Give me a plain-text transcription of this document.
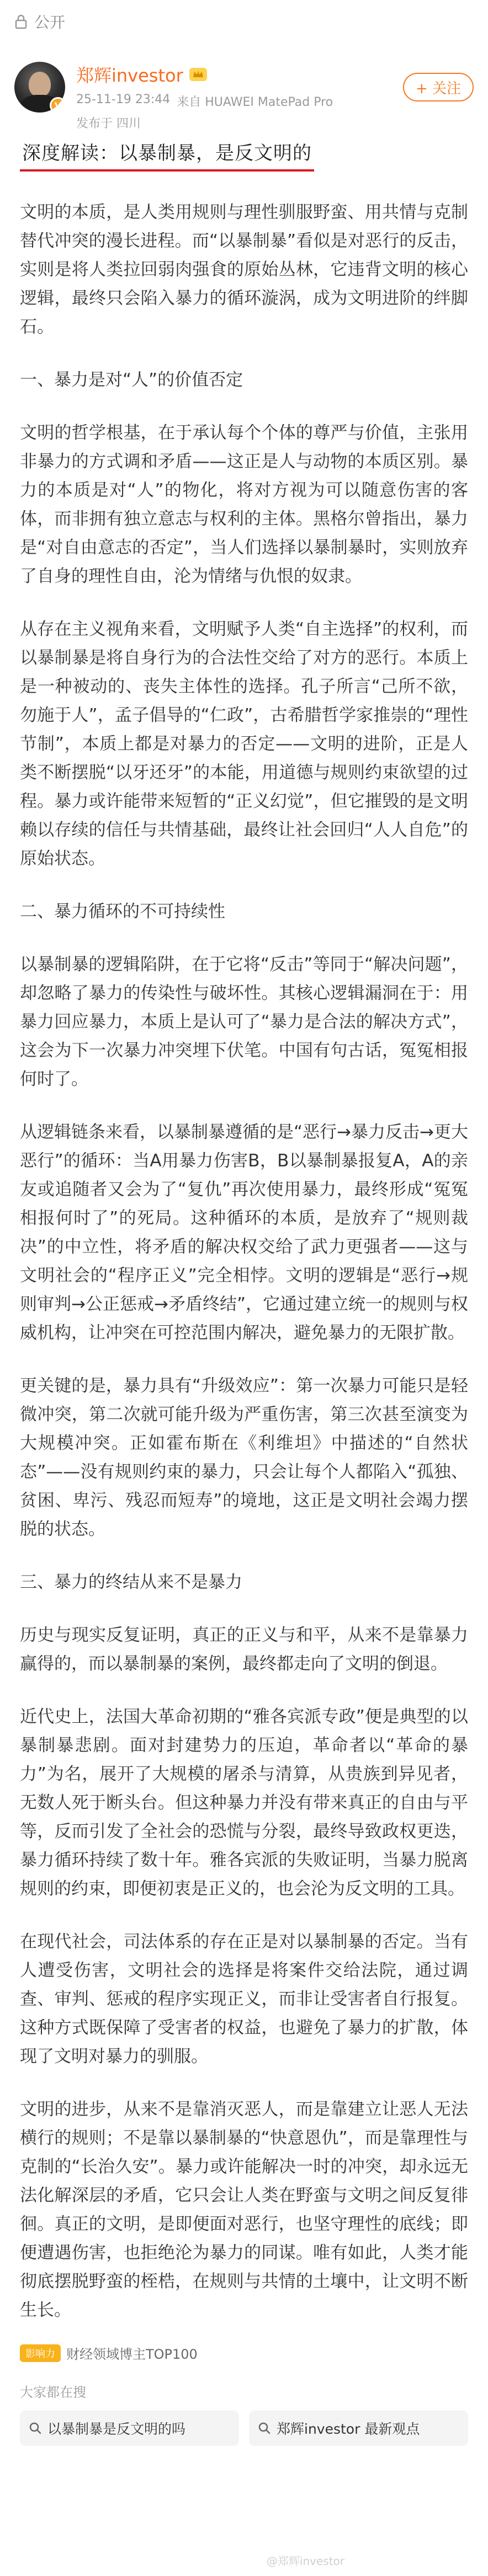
公开
V
郑辉investor
25-11-19 23:44 来自 HUAWEI MatePad Pro
发布于 四川
+ 关注
深度解读：以暴制暴，是反文明的
文明的本质，是人类用规则与理性驯服野蛮、用共情与克制替代冲突的漫长进程。而“以暴制暴”看似是对恶行的反击，实则是将人类拉回弱肉强食的原始丛林，它违背文明的核心逻辑，最终只会陷入暴力的循环漩涡，成为文明进阶的绊脚石。
一、暴力是对“人”的价值否定
文明的哲学根基，在于承认每个个体的尊严与价值，主张用非暴力的方式调和矛盾——这正是人与动物的本质区别。暴力的本质是对“人”的物化，将对方视为可以随意伤害的客体，而非拥有独立意志与权利的主体。黑格尔曾指出，暴力是“对自由意志的否定”，当人们选择以暴制暴时，实则放弃了自身的理性自由，沦为情绪与仇恨的奴隶。
从存在主义视角来看，文明赋予人类“自主选择”的权利，而以暴制暴是将自身行为的合法性交给了对方的恶行。本质上是一种被动的、丧失主体性的选择。孔子所言“己所不欲，勿施于人”，孟子倡导的“仁政”，古希腊哲学家推崇的“理性节制”，本质上都是对暴力的否定——文明的进阶，正是人类不断摆脱“以牙还牙”的本能，用道德与规则约束欲望的过程。暴力或许能带来短暂的“正义幻觉”，但它摧毁的是文明赖以存续的信任与共情基础，最终让社会回归“人人自危”的原始状态。
二、暴力循环的不可持续性
以暴制暴的逻辑陷阱，在于它将“反击”等同于“解决问题”，却忽略了暴力的传染性与破坏性。其核心逻辑漏洞在于：用暴力回应暴力，本质上是认可了“暴力是合法的解决方式”，这会为下一次暴力冲突埋下伏笔。中国有句古话，冤冤相报何时了。
从逻辑链条来看，以暴制暴遵循的是“恶行→暴力反击→更大恶行”的循环：当A用暴力伤害B，B以暴制暴报复A，A的亲友或追随者又会为了“复仇”再次使用暴力，最终形成“冤冤相报何时了”的死局。这种循环的本质，是放弃了“规则裁决”的中立性，将矛盾的解决权交给了武力更强者——这与文明社会的“程序正义”完全相悖。文明的逻辑是“恶行→规则审判→公正惩戒→矛盾终结”，它通过建立统一的规则与权威机构，让冲突在可控范围内解决，避免暴力的无限扩散。
更关键的是，暴力具有“升级效应”：第一次暴力可能只是轻微冲突，第二次就可能升级为严重伤害，第三次甚至演变为大规模冲突。正如霍布斯在《利维坦》中描述的“自然状态”——没有规则约束的暴力，只会让每个人都陷入“孤独、贫困、卑污、残忍而短寿”的境地，这正是文明社会竭力摆脱的状态。
三、暴力的终结从来不是暴力
历史与现实反复证明，真正的正义与和平，从来不是靠暴力赢得的，而以暴制暴的案例，最终都走向了文明的倒退。
近代史上，法国大革命初期的“雅各宾派专政”便是典型的以暴制暴悲剧。面对封建势力的压迫，革命者以“革命的暴力”为名，展开了大规模的屠杀与清算，从贵族到异见者，无数人死于断头台。但这种暴力并没有带来真正的自由与平等，反而引发了全社会的恐慌与分裂，最终导致政权更迭，暴力循环持续了数十年。雅各宾派的失败证明，当暴力脱离规则的约束，即便初衷是正义的，也会沦为反文明的工具。
在现代社会，司法体系的存在正是对以暴制暴的否定。当有人遭受伤害，文明社会的选择是将案件交给法院，通过调查、审判、惩戒的程序实现正义，而非让受害者自行报复。这种方式既保障了受害者的权益，也避免了暴力的扩散，体现了文明对暴力的驯服。
文明的进步，从来不是靠消灭恶人，而是靠建立让恶人无法横行的规则；不是靠以暴制暴的“快意恩仇”，而是靠理性与克制的“长治久安”。暴力或许能解决一时的冲突，却永远无法化解深层的矛盾，它只会让人类在野蛮与文明之间反复徘徊。真正的文明，是即便面对恶行，也坚守理性的底线；即便遭遇伤害，也拒绝沦为暴力的同谋。唯有如此，人类才能彻底摆脱野蛮的桎梏，在规则与共情的土壤中，让文明不断生长。
影响力 财经领域博主TOP100
大家都在搜
以暴制暴是反文明的吗	郑辉investor 最新观点
@郑辉investor
